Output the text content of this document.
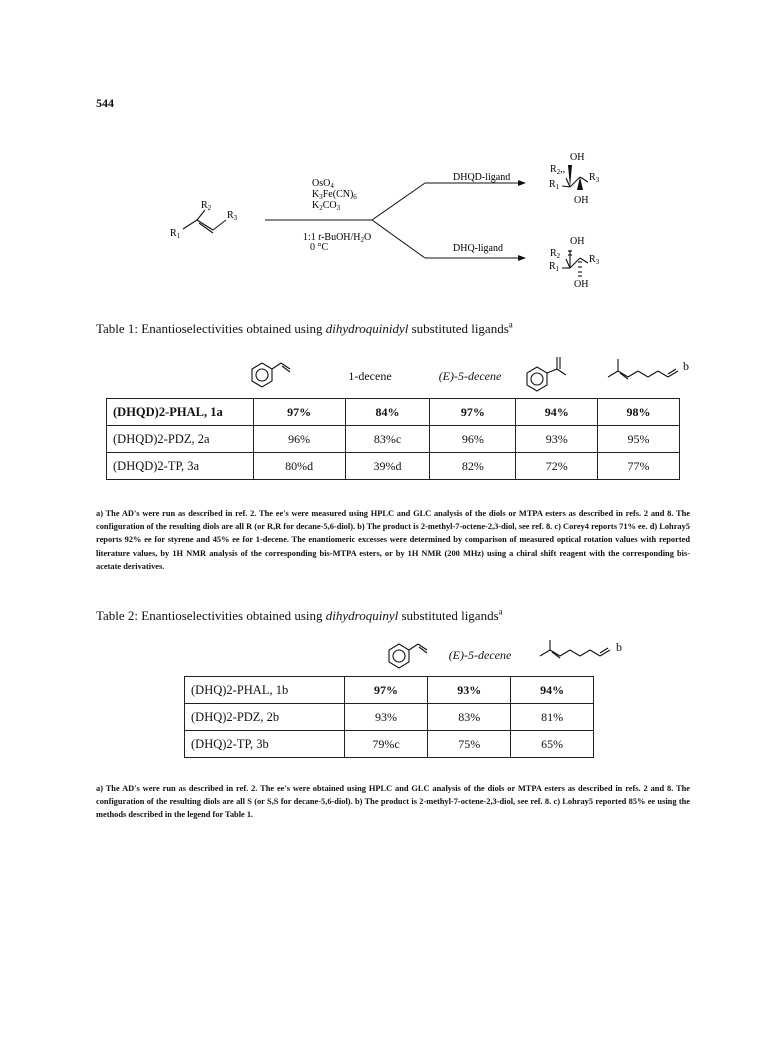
544
$R_2$
$R_1$
$R_3$
OsO$_4$
$K_3Fe(CN)_6$
$K_2CO_3$
1:1 $t-BuOH/H_2O$
0 °C
DHQD-ligand
DHQ-ligand
OH
$R_2$,,
$R_3$
$R_1$
OH
OH
$R_2$	$R_3$
$R_1$
OH
Table 1: Enantioselectivities obtained using dihydroquinidyl substituted ligands$^a$
1-decene	(E)-5-decene
b
(DHQD)2-PHAL, 1a	97%	84%	97%	94%	98%
(DHQD)2-PDZ, 2a	96%	83%c	96%	93%	95%
(DHQD)2-TP, 3a	80%d	39%d	82%	72%	77%
a) The AD's were run as described in ref. 2. The ee's were measured using HPLC and GLC analysis of the diols or MTPA esters as described in refs. 2 and 8. The configuration of the resulting diols are all R (or R,R for decane-5,6-diol). b) The product is 2-methyl-7-octene-2,3-diol, see ref. 8. c) Corey4 reports 71% ee. d) Lohray5 reports 92% ee for styrene and 45% ee for 1-decene. The enantiomeric excesses were determined by comparison of measured optical rotation values with reported literature values, by 1H NMR analysis of the corresponding bis-MTPA esters, or by 1H NMR (200 MHz) using a chiral shift reagent with the corresponding bis-acetate derivatives.
Table 2: Enantioselectivities obtained using dihydroquinyl substituted ligands$^a$
(E)-5-decene
b
(DHQ)2-PHAL, 1b	97%	93%	94%
(DHQ)2-PDZ, 2b	93%	83%	81%
(DHQ)2-TP, 3b	79%c	75%	65%
a) The AD's were run as described in ref. 2. The ee's were obtained using HPLC and GLC analysis of the diols or MTPA esters as described in refs. 2 and 8. The configuration of the resulting diols are all S (or S,S for decane-5,6-diol). b) The product is 2-methyl-7-octene-2,3-diol, see ref. 8. c) Lohray5 reported 85% ee using the methods described in the legend for Table 1.
